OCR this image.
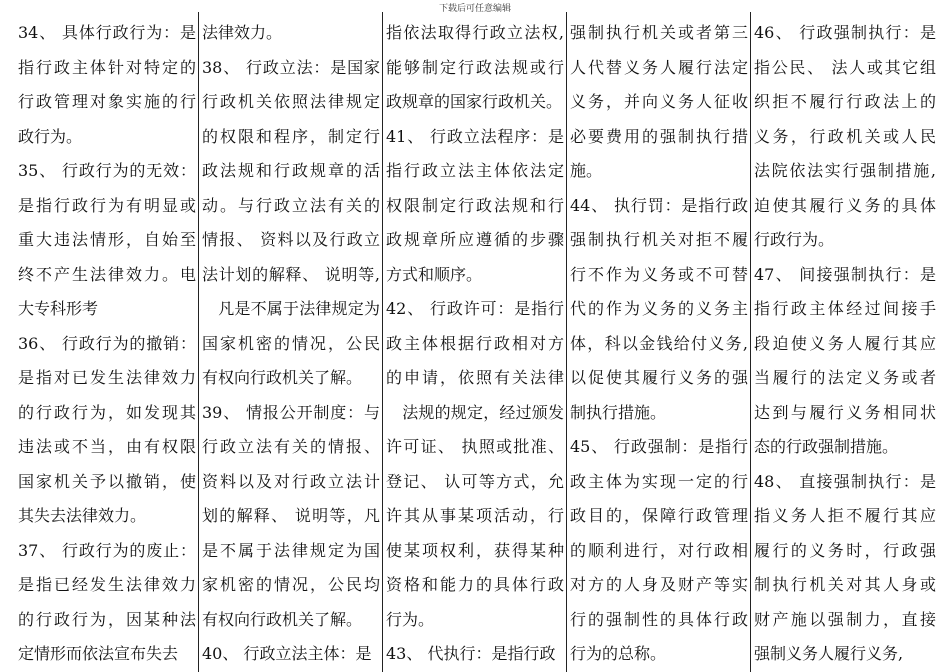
下载后可任意编辑
34、 具体行政行为：是
指行政主体针对特定的
行政管理对象实施的行
政行为。
35、 行政行为的无效：
是指行政行为有明显或
重大违法情形，自始至
终不产生法律效力。电
大专科形考
36、 行政行为的撤销：
是指对已发生法律效力
的行政行为，如发现其
违法或不当，由有权限
国家机关予以撤销，使
其失去法律效力。
37、 行政行为的废止：
是指已经发生法律效力
的行政行为，因某种法
定情形而依法宣布失去
法律效力。
38、 行政立法：是国家
行政机关依照法律规定
的权限和程序，制定行
政法规和行政规章的活
动。与行政立法有关的
情报、 资料以及行政立
法计划的解释、 说明等,
　凡是不属于法律规定为
国家机密的情况，公民
有权向行政机关了解。
39、 情报公开制度：与
行政立法有关的情报、
资料以及对行政立法计
划的解释、 说明等，凡
是不属于法律规定为国
家机密的情况，公民均
有权向行政机关了解。
40、 行政立法主体：是
指依法取得行政立法权,
能够制定行政法规或行
政规章的国家行政机关。
41、 行政立法程序：是
指行政立法主体依法定
权限制定行政法规和行
政规章所应遵循的步骤
方式和顺序。
42、 行政许可：是指行
政主体根据行政相对方
的申请，依照有关法律
　法规的规定，经过颁发
许可证、 执照或批准、
登记、 认可等方式，允
许其从事某项活动，行
使某项权利，获得某种
资格和能力的具体行政
行为。
43、 代执行：是指行政
强制执行机关或者第三
人代替义务人履行法定
义务，并向义务人征收
必要费用的强制执行措
施。
44、 执行罚：是指行政
强制执行机关对拒不履
行不作为义务或不可替
代的作为义务的义务主
体，科以金钱给付义务,
以促使其履行义务的强
制执行措施。
45、 行政强制：是指行
政主体为实现一定的行
政目的，保障行政管理
的顺利进行，对行政相
对方的人身及财产等实
行的强制性的具体行政
行为的总称。
46、 行政强制执行：是
指公民、 法人或其它组
织拒不履行行政法上的
义务，行政机关或人民
法院依法实行强制措施,
迫使其履行义务的具体
行政行为。
47、 间接强制执行：是
指行政主体经过间接手
段迫使义务人履行其应
当履行的法定义务或者
达到与履行义务相同状
态的行政强制措施。
48、 直接强制执行：是
指义务人拒不履行其应
履行的义务时，行政强
制执行机关对其人身或
财产施以强制力，直接
强制义务人履行义务,
